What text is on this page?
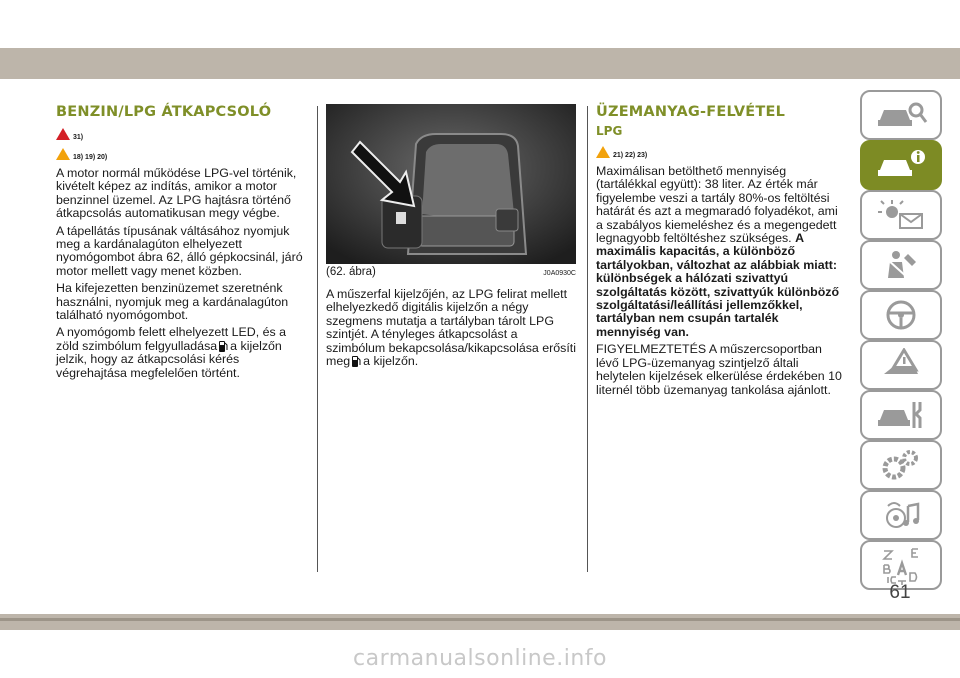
BENZIN/LPG ÁTKAPCSOLÓ
31)
18) 19) 20)

A motor normál működése LPG-vel történik, kivételt képez az indítás, amikor a motor benzinnel üzemel. Az LPG hajtásra történő átkapcsolás automatikusan megy végbe.

A tápellátás típusának váltásához nyomjuk meg a kardánalagúton elhelyezett nyomógombot ábra 62, álló gépkocsinál, járó motor mellett vagy menet közben.

Ha kifejezetten benzinüzemet szeretnénk használni, nyomjuk meg a kardánalagúton található nyomógombot.

A nyomógomb felett elhelyezett LED, és a zöld szimbólum felgyulladása a kijelzőn jelzik, hogy az átkapcsolási kérés végrehajtása megfelelően történt.

(62. ábra)	J0A0930C

A műszerfal kijelzőjén, az LPG felirat mellett elhelyezkedő digitális kijelzőn a négy szegmens mutatja a tartályban tárolt LPG szintjét. A tényleges átkapcsolást a szimbólum bekapcsolása/kikapcsolása erősíti meg a kijelzőn.

ÜZEMANYAG-FELVÉTEL
LPG
21) 22) 23)

Maximálisan betölthető mennyiség (tartálékkal együtt): 38 liter. Az érték már figyelembe veszi a tartály 80%-os feltöltési határát és azt a megmaradó folyadékot, ami a szabályos kiemeléshez és a megengedett legnagyobb feltöltéshez szükséges. A maximális kapacitás, a különböző tartályokban, változhat az alábbiak miatt: különbségek a hálózati szivattyú szolgáltatás között, szivattyúk különböző szolgáltatási/leállítási jellemzőkkel, tartályban nem csupán tartalék mennyiség van.

FIGYELMEZTETÉS A műszercsoportban lévő LPG-üzemanyag szintjelző általi helytelen kijelzések elkerülése érdekében 10 liternél több üzemanyag tankolása ajánlott.

61
carmanualsonline.info
